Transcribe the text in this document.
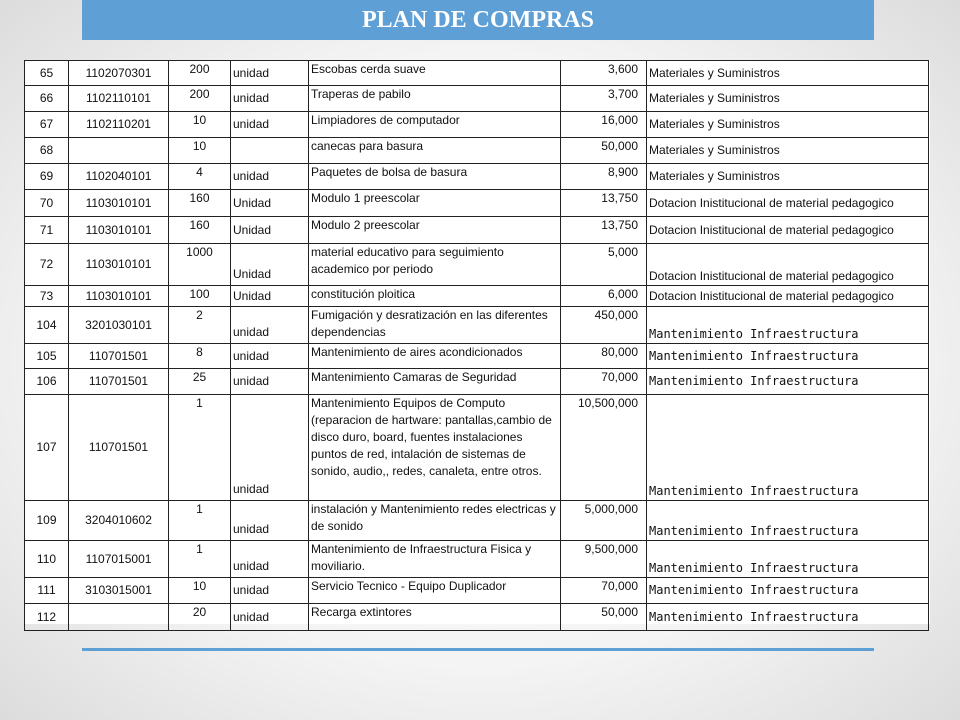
PLAN DE COMPRAS
65	1102070301	200	unidad	Escobas cerda suave	3,600	Materiales y Suministros
66	1102110101	200	unidad	Traperas de pabilo	3,700	Materiales y Suministros
67	1102110201	10	unidad	Limpiadores de computador	16,000	Materiales y Suministros
68		10		canecas para basura	50,000	Materiales y Suministros
69	1102040101	4	unidad	Paquetes de bolsa de basura	8,900	Materiales y Suministros
70	1103010101	160	Unidad	Modulo 1 preescolar	13,750	Dotacion Inistitucional de material pedagogico
71	1103010101	160	Unidad	Modulo 2 preescolar	13,750	Dotacion Inistitucional de material pedagogico
72	1103010101	1000	Unidad	material educativo para seguimiento academico por periodo	5,000	Dotacion Inistitucional de material pedagogico
73	1103010101	100	Unidad	constitución ploitica	6,000	Dotacion Inistitucional de material pedagogico
104	3201030101	2	unidad	Fumigación y desratización en las diferentes dependencias	450,000	Mantenimiento Infraestructura
105	110701501	8	unidad	Mantenimiento de aires acondicionados	80,000	Mantenimiento Infraestructura
106	110701501	25	unidad	Mantenimiento Camaras de Seguridad	70,000	Mantenimiento Infraestructura
107	110701501	1	unidad	Mantenimiento Equipos de Computo (reparacion de hartware: pantallas,cambio de disco duro, board, fuentes instalaciones puntos de red, intalación de sistemas de sonido, audio,, redes, canaleta, entre otros.	10,500,000	Mantenimiento Infraestructura
109	3204010602	1	unidad	instalación y Mantenimiento redes electricas y de sonido	5,000,000	Mantenimiento Infraestructura
110	1107015001	1	unidad	Mantenimiento de Infraestructura Fisica y moviliario.	9,500,000	Mantenimiento Infraestructura
111	3103015001	10	unidad	Servicio Tecnico - Equipo Duplicador	70,000	Mantenimiento Infraestructura
112		20	unidad	Recarga extintores	50,000	Mantenimiento Infraestructura
